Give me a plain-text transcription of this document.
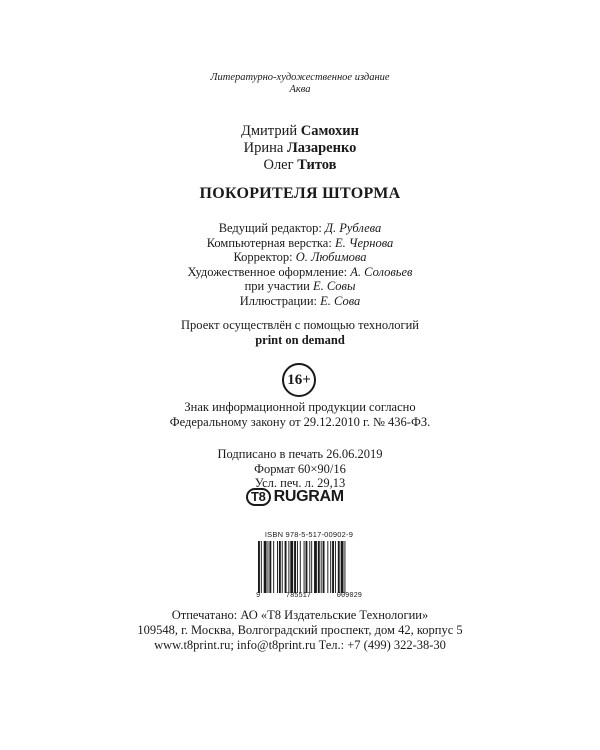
Литературно-художественное издание
Аква
Дмитрий Самохин
Ирина Лазаренко
Олег Титов
ПОКОРИТЕЛЯ ШТОРМА
Ведущий редактор: Д. Рублева
Компьютерная верстка: Е. Чернова
Корректор: О. Любимова
Художественное оформление: А. Соловьев
при участии Е. Совы
Иллюстрации: Е. Сова
Проект осуществлён с помощью технологий
print on demand
16+
Знак информационной продукции согласно
Федеральному закону от 29.12.2010 г. № 436-ФЗ.
Подписано в печать 26.06.2019
Формат 60×90/16
Усл. печ. л. 29,13
T8 RUGRAM
ISBN 978-5-517-00902-9
9	785517	009029
Отпечатано: АО «Т8 Издательские Технологии»
109548, г. Москва, Волгоградский проспект, дом 42, корпус 5
www.t8print.ru; info@t8print.ru Тел.: +7 (499) 322-38-30
